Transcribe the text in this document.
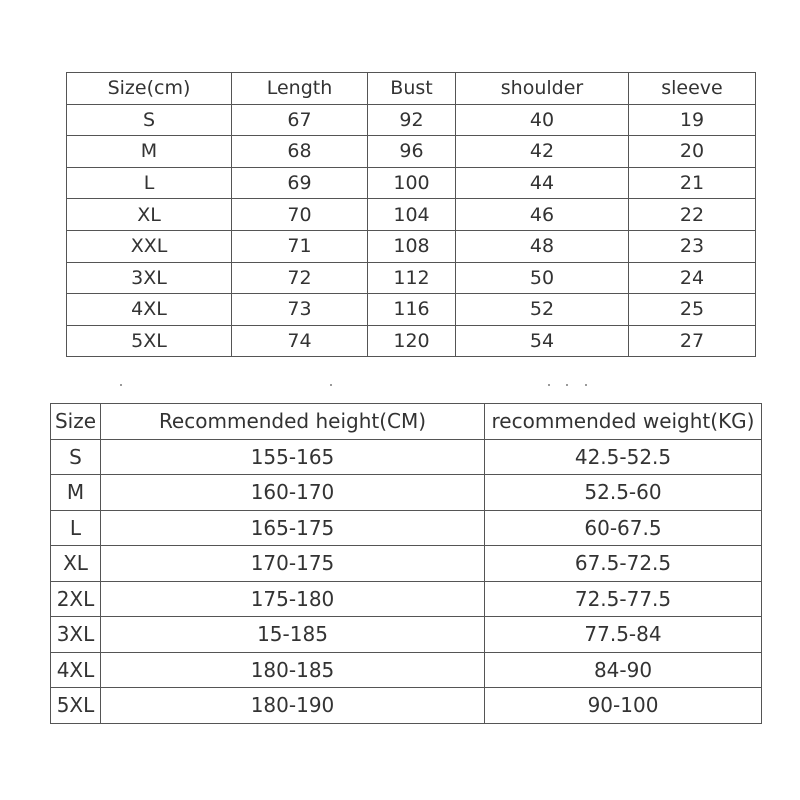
Size(cm)	Length	Bust	shoulder	sleeve
S	67	92	40	19
M	68	96	42	20
L	69	100	44	21
XL	70	104	46	22
XXL	71	108	48	23
3XL	72	112	50	24
4XL	73	116	52	25
5XL	74	120	54	27
Size	Recommended height(CM)	recommended weight(KG)
S	155-165	42.5-52.5
M	160-170	52.5-60
L	165-175	60-67.5
XL	170-175	67.5-72.5
2XL	175-180	72.5-77.5
3XL	15-185	77.5-84
4XL	180-185	84-90
5XL	180-190	90-100
